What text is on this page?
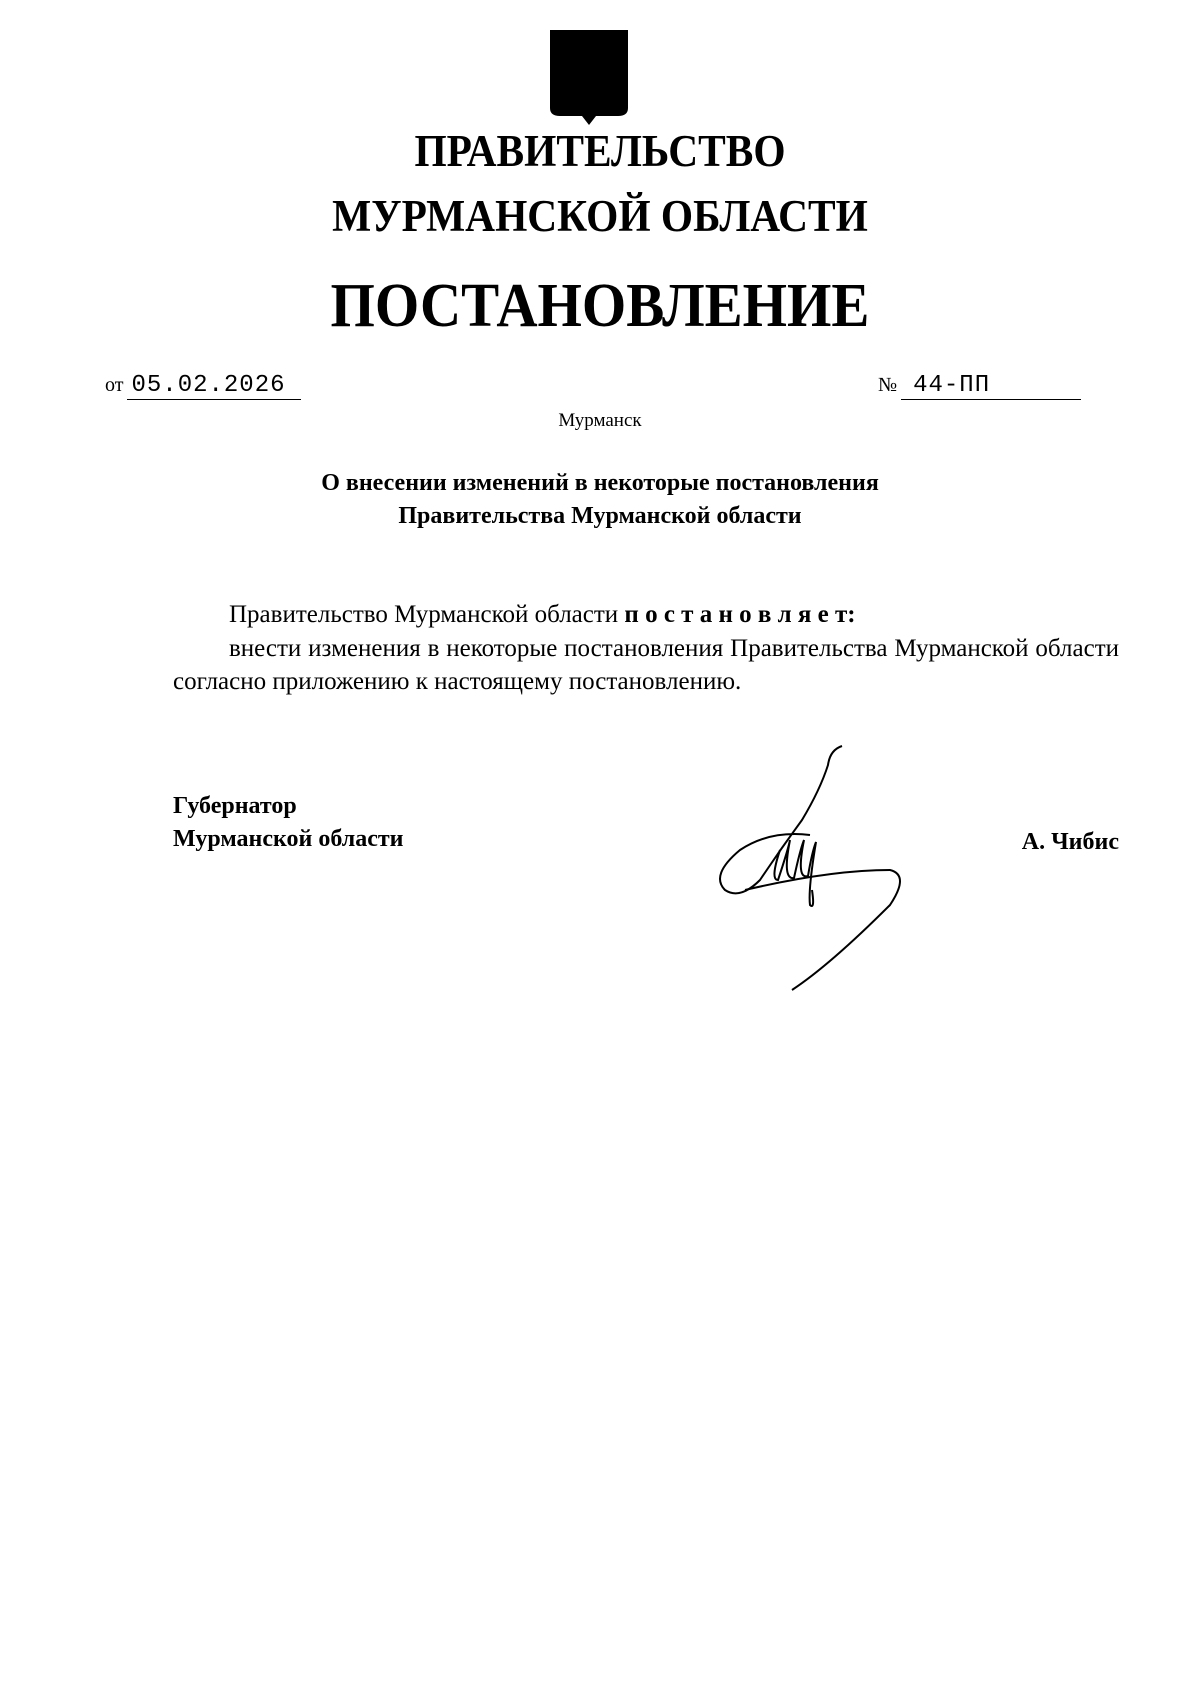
ПРАВИТЕЛЬСТВО
МУРМАНСКОЙ ОБЛАСТИ
ПОСТАНОВЛЕНИЕ
от 05.02.2026	№ 44-ПП
Мурманск
О внесении изменений в некоторые постановления
Правительства Мурманской области
Правительство Мурманской области п о с т а н о в л я е т:
внести изменения в некоторые постановления Правительства Мурманской области согласно приложению к настоящему постановлению.
Губернатор
Мурманской области	А. Чибис
